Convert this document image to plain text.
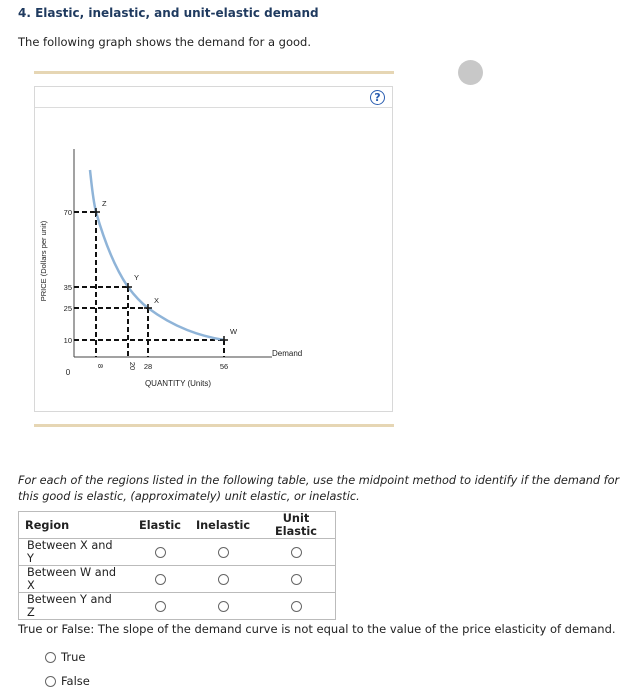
4. Elastic, inelastic, and unit-elastic demand
The following graph shows the demand for a good.
?
Z
Y
X
W
8	20 28	56
70
35
25
10
0
QUANTITY (Units)
PRICE (Dollars per unit)
Demand
For each of the regions listed in the following table, use the midpoint method to identify if the demand for this good is elastic, (approximately) unit elastic, or inelastic.
Region	Elastic	Inelastic	Unit Elastic
Between X and Y			
Between W and X			
Between Y and Z			
True or False: The slope of the demand curve is not equal to the value of the price elasticity of demand.
True
False
